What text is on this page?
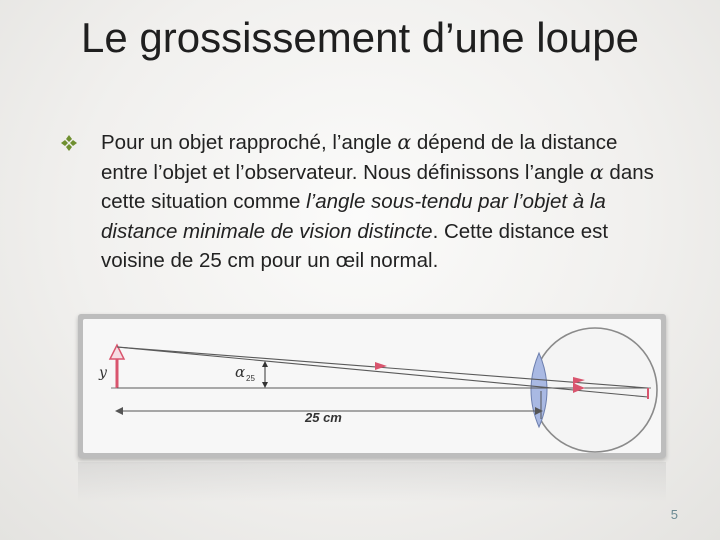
Le grossissement d’une loupe
Pour un objet rapproché, l’angle α dépend de la distance entre l’objet et l’observateur. Nous définissons l’angle α dans cette situation comme l’angle sous-tendu par l’objet à la distance minimale de vision distincte. Cette distance est voisine de 25 cm pour un œil normal.
y	α 25
25 cm
5
